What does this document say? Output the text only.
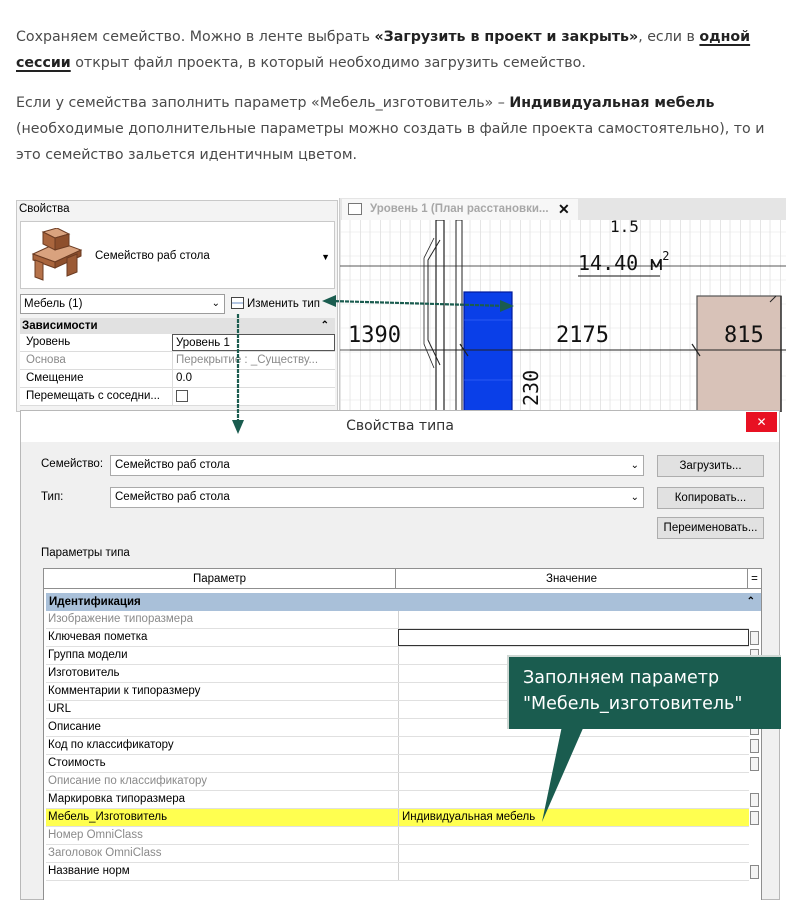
Сохраняем семейство. Можно в ленте выбрать «Загрузить в проект и закрыть», если в одной сессии открыт файл проекта, в который необходимо загрузить семейство.

Если у семейства заполнить параметр «Мебель_изготовитель» – Индивидуальная мебель (необходимые дополнительные параметры можно создать в файле проекта самостоятельно), то и это семейство зальется идентичным цветом.

Свойства
Семейство раб стола	▼
Мебель (1)	⌄	Изменить тип
Зависимости	⌃
Уровень	Уровень 1
Основа	Перекрытие : _Существу...
Смещение	0.0
Перемещать с соседни...
Уровень 1 (План расстановки... ✕
1390	2175	815
230
14.40 $м^2$
1.5
Свойства типа	✕
Семейство:	Семейство раб стола	⌄	Загрузить...
Тип:	Семейство раб стола	⌄	Копировать...
Переименовать...
Параметры типа
Параметр	Значение	=
Идентификация	⌃
Изображение типоразмера
Ключевая пометка
Группа модели
Изготовитель
Комментарии к типоразмеру
URL
Описание
Код по классификатору
Стоимость
Описание по классификатору
Маркировка типоразмера
Мебель_Изготовитель	Индивидуальная мебель
Номер OmniClass
Заголовок OmniClass
Название норм
Заполняем параметр
"Мебель_изготовитель"
